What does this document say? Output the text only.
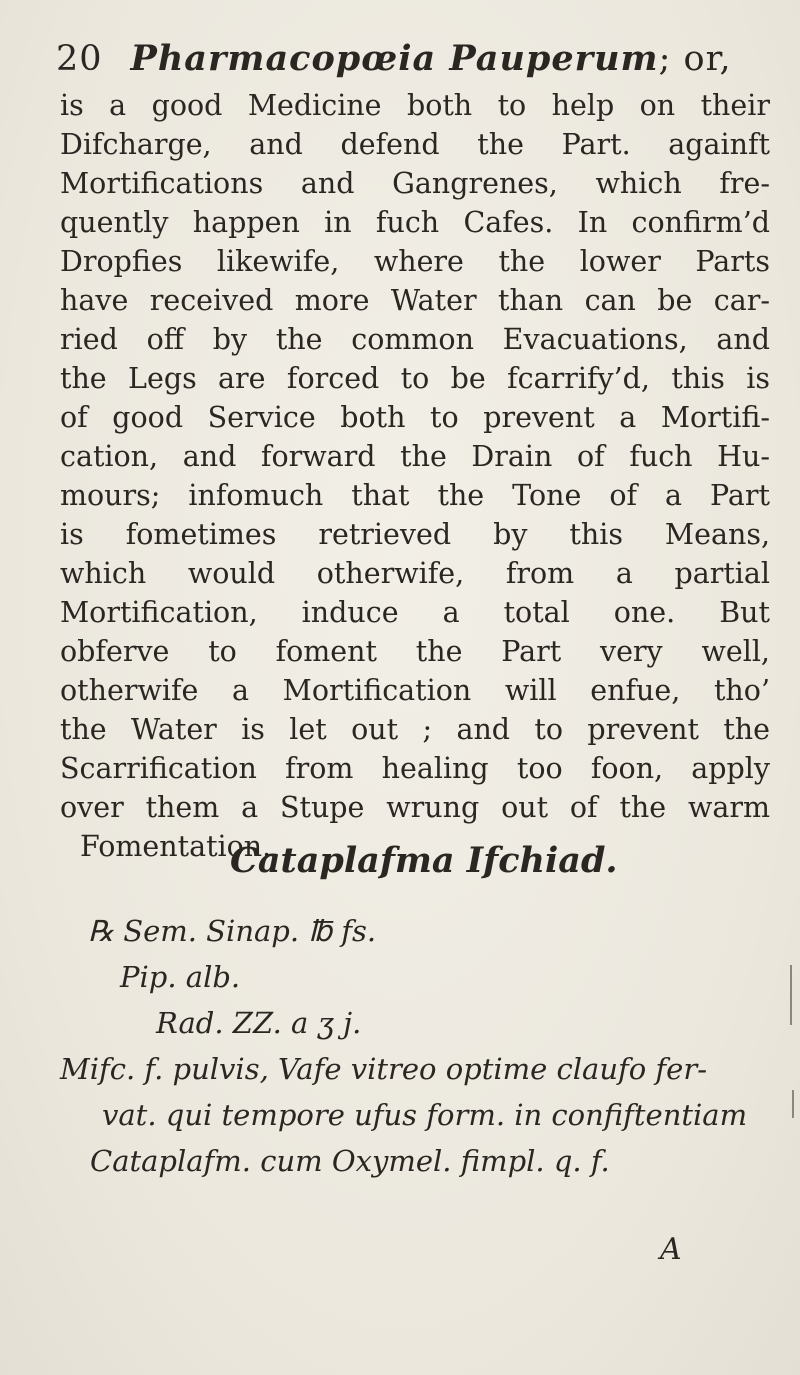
20 Pharmacopœia Pauperum; or,
is a good Medicine both to help on their
Difcharge, and defend the Part. againft
Mortifications and Gangrenes, which fre-
quently happen in fuch Cafes. In confirm’d
Dropfies likewife, where the lower Parts
have received more Water than can be car-
ried off by the common Evacuations, and
the Legs are forced to be fcarrify’d, this is
of good Service both to prevent a Mortifi-
cation, and forward the Drain of fuch Hu-
mours; infomuch that the Tone of a Part
is fometimes retrieved by this Means,
which would otherwife, from a partial
Mortification, induce a total one. But
obferve to foment the Part very well,
otherwife a Mortification will enfue, tho’
the Water is let out ; and to prevent the
Scarrification from healing too foon, apply
over them a Stupe wrung out of the warm
Fomentation.
Cataplafma Ifchiad.
℞ Sem. Sinap. ℔ fs.
Pip. alb.
Rad. ZZ. a ʒ j.
Mifc. f. pulvis, Vafe vitreo optime claufo fer-
vat. qui tempore ufus form. in confiftentiam
Cataplafm. cum Oxymel. fimpl. q. f.
A
